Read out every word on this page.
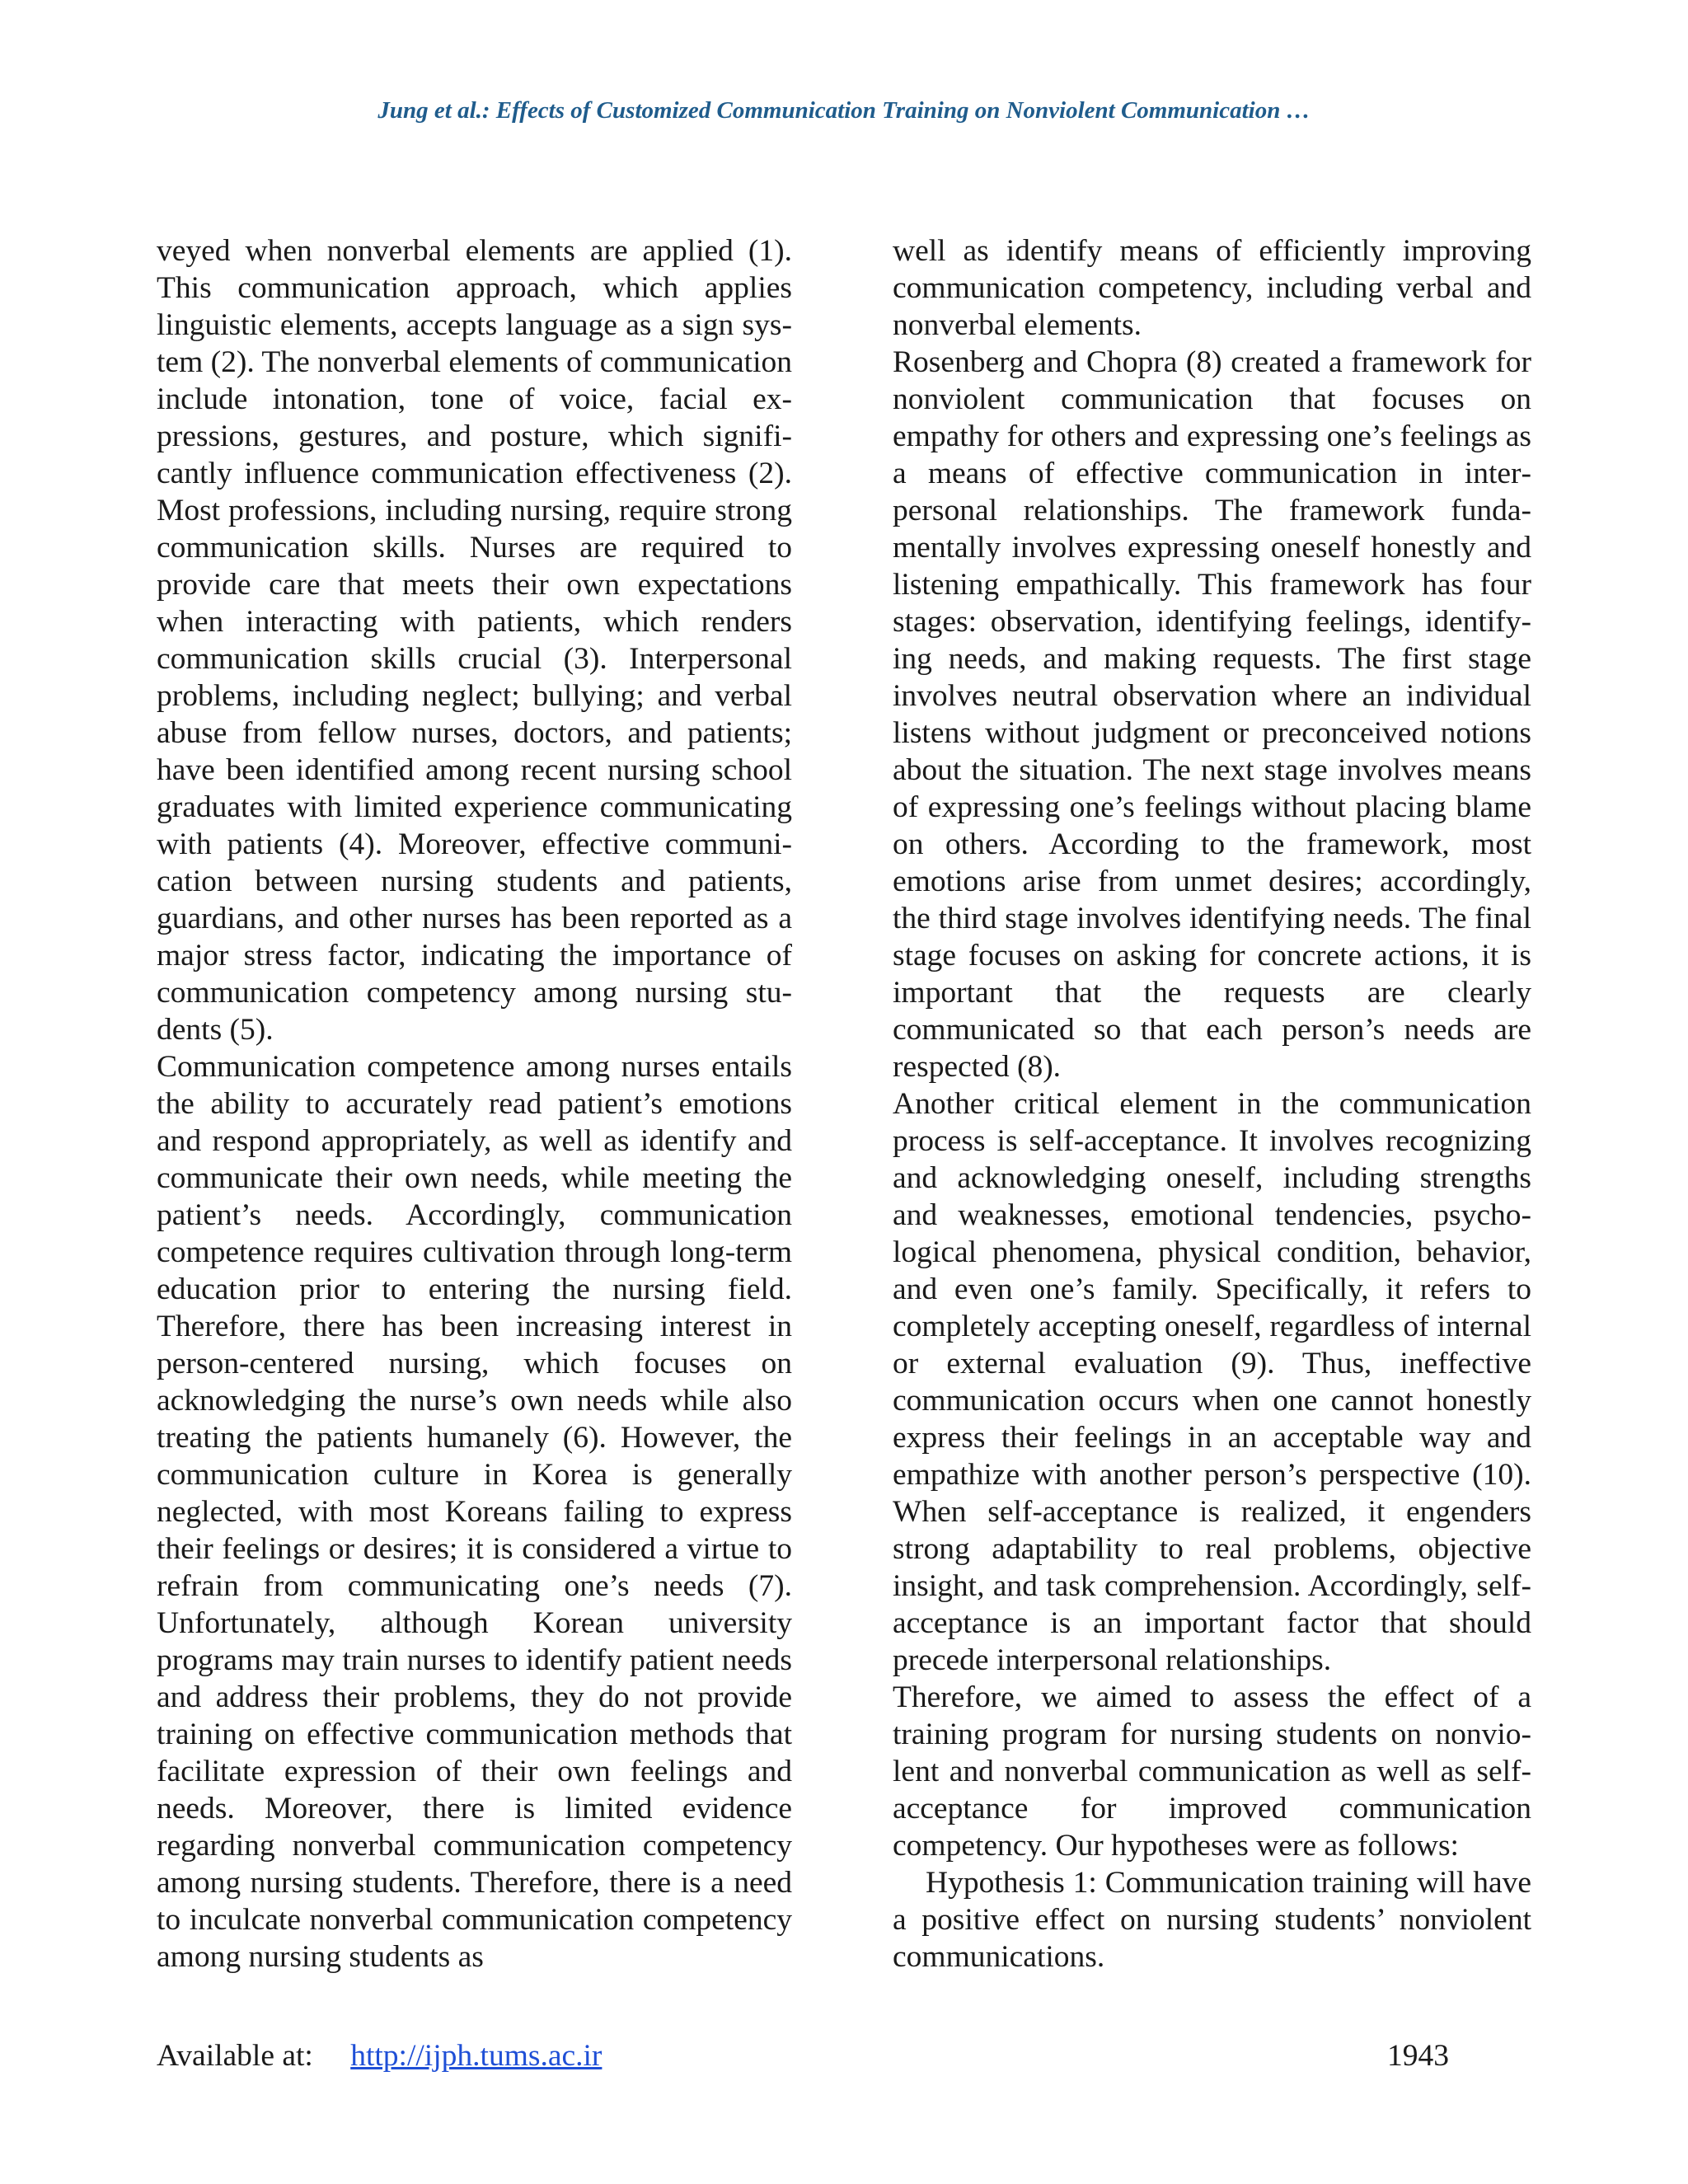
Jung et al.: Effects of Customized Communication Training on Nonviolent Communication …

veyed when nonverbal elements are applied (1). This communication approach, which applies linguistic elements, accepts language as a sign system (2). The nonverbal elements of communication include intonation, tone of voice, facial expressions, gestures, and posture, which significantly influence communication effectiveness (2). Most professions, including nursing, require strong communication skills. Nurses are required to provide care that meets their own expectations when interacting with patients, which renders communication skills crucial (3). Interpersonal problems, including neglect; bullying; and verbal abuse from fellow nurses, doctors, and patients; have been identified among recent nursing school graduates with limited experience communicating with patients (4). Moreover, effective communication between nursing students and patients, guardians, and other nurses has been reported as a major stress factor, indicating the importance of communication competency among nursing students (5).

Communication competence among nurses entails the ability to accurately read patient’s emotions and respond appropriately, as well as identify and communicate their own needs, while meeting the patient’s needs. Accordingly, communication competence requires cultivation through long-term education prior to entering the nursing field. Therefore, there has been increasing interest in person-centered nursing, which focuses on acknowledging the nurse’s own needs while also treating the patients humanely (6). However, the communication culture in Korea is generally neglected, with most Koreans failing to express their feelings or desires; it is considered a virtue to refrain from communicating one’s needs (7). Unfortunately, although Korean university programs may train nurses to identify patient needs and address their problems, they do not provide training on effective communication methods that facilitate expression of their own feelings and needs. Moreover, there is limited evidence regarding nonverbal communication competency among nursing students. Therefore, there is a need to inculcate nonverbal communication competency among nursing students as

well as identify means of efficiently improving communication competency, including verbal and nonverbal elements.

Rosenberg and Chopra (8) created a framework for nonviolent communication that focuses on empathy for others and expressing one’s feelings as a means of effective communication in interpersonal relationships. The framework fundamentally involves expressing oneself honestly and listening empathically. This framework has four stages: observation, identifying feelings, identifying needs, and making requests. The first stage involves neutral observation where an individual listens without judgment or preconceived notions about the situation. The next stage involves means of expressing one’s feelings without placing blame on others. According to the framework, most emotions arise from unmet desires; accordingly, the third stage involves identifying needs. The final stage focuses on asking for concrete actions, it is important that the requests are clearly communicated so that each person’s needs are respected (8).

Another critical element in the communication process is self-acceptance. It involves recognizing and acknowledging oneself, including strengths and weaknesses, emotional tendencies, psychological phenomena, physical condition, behavior, and even one’s family. Specifically, it refers to completely accepting oneself, regardless of internal or external evaluation (9). Thus, ineffective communication occurs when one cannot honestly express their feelings in an acceptable way and empathize with another person’s perspective (10). When self-acceptance is realized, it engenders strong adaptability to real problems, objective insight, and task comprehension. Accordingly, self-acceptance is an important factor that should precede interpersonal relationships.

Therefore, we aimed to assess the effect of a training program for nursing students on nonviolent and nonverbal communication as well as self-acceptance for improved communication competency. Our hypotheses were as follows:

Hypothesis 1: Communication training will have a positive effect on nursing students’ nonviolent communications.

Available at: http://ijph.tums.ac.ir	1943
